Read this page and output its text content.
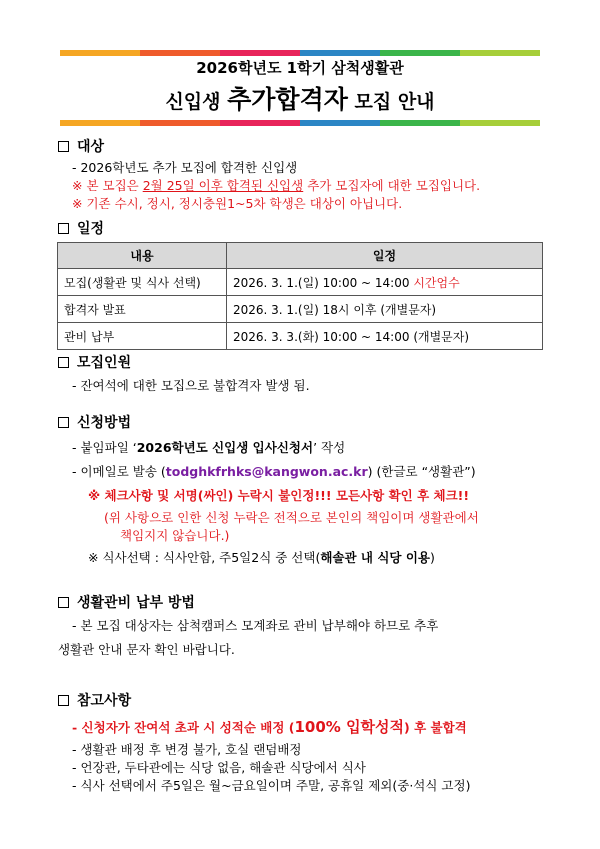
2026학년도 1학기 삼척생활관
신입생 추가합격자 모집 안내
대상
- 2026학년도 추가 모집에 합격한 신입생
※ 본 모집은 2월 25일 이후 합격된 신입생 추가 모집자에 대한 모집입니다.
※ 기존 수시, 정시, 정시충원1~5차 학생은 대상이 아닙니다.
일정
내용	일정
모집(생활관 및 식사 선택)	2026. 3. 1.(일) 10:00 ~ 14:00 시간엄수
합격자 발표	2026. 3. 1.(일) 18시 이후 (개별문자)
관비 납부	2026. 3. 3.(화) 10:00 ~ 14:00 (개별문자)
모집인원
- 잔여석에 대한 모집으로 불합격자 발생 됨.
신청방법
- 붙임파일 ‘2026학년도 신입생 입사신청서’ 작성
- 이메일로 발송 (todghkfrhks@kangwon.ac.kr) (한글로 “생활관”)
※ 체크사항 및 서명(싸인) 누락시 불인정!!! 모든사항 확인 후 체크!!
(위 사항으로 인한 신청 누락은 전적으로 본인의 책임이며 생활관에서
책임지지 않습니다.)
※ 식사선택 : 식사안함, 주5일2식 중 선택(해솔관 내 식당 이용)
생활관비 납부 방법
- 본 모집 대상자는 삼척캠퍼스 모계좌로 관비 납부해야 하므로 추후
생활관 안내 문자 확인 바랍니다.
참고사항
- 신청자가 잔여석 초과 시 성적순 배정 (100% 입학성적) 후 불합격
- 생활관 배정 후 변경 불가, 호실 랜덤배정
- 언장관, 두타관에는 식당 없음, 해솔관 식당에서 식사
- 식사 선택에서 주5일은 월~금요일이며 주말, 공휴일 제외(중·석식 고정)
